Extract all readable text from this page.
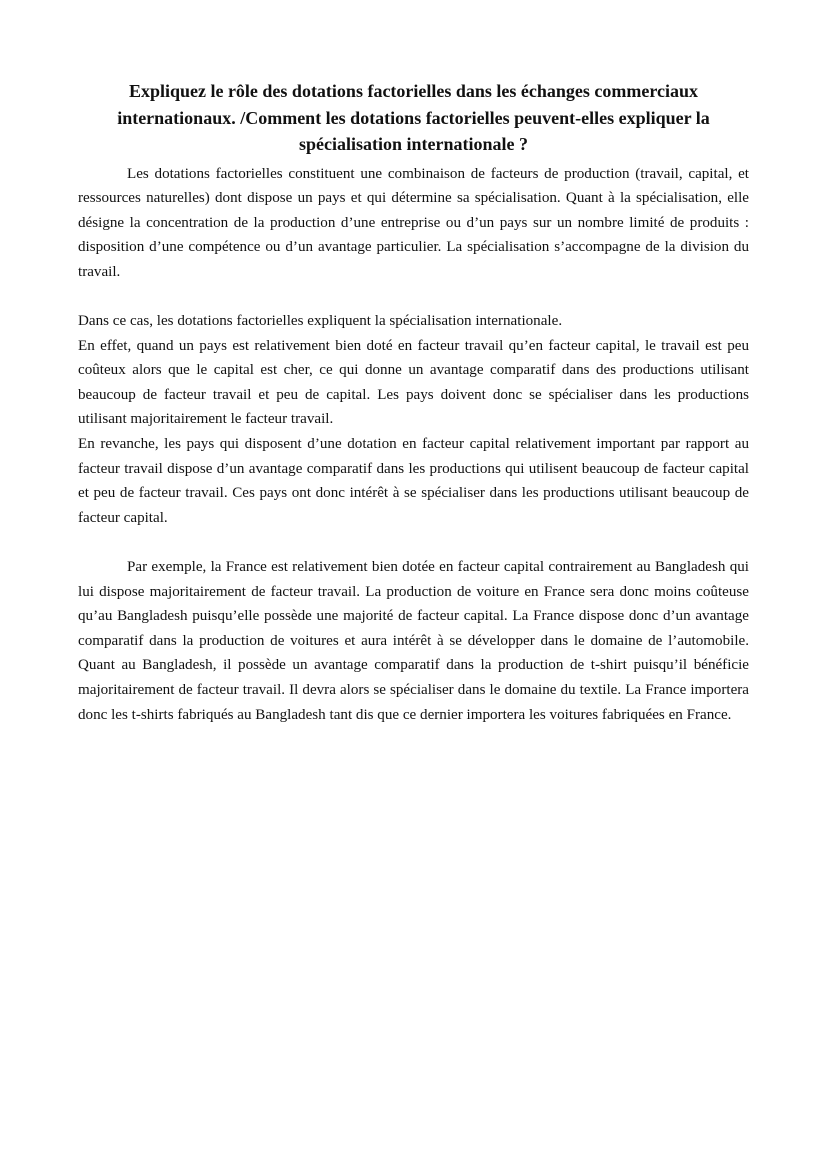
Expliquez le rôle des dotations factorielles dans les échanges commerciaux internationaux. /Comment les dotations factorielles peuvent-elles expliquer la spécialisation internationale ?

Les dotations factorielles constituent une combinaison de facteurs de production (travail, capital, et ressources naturelles) dont dispose un pays et qui détermine sa spécialisation. Quant à la spécialisation, elle désigne la concentration de la production d’une entreprise ou d’un pays sur un nombre limité de produits : disposition d’une compétence ou d’un avantage particulier. La spécialisation s’accompagne de la division du travail.

Dans ce cas, les dotations factorielles expliquent la spécialisation internationale.

En effet, quand un pays est relativement bien doté en facteur travail qu’en facteur capital, le travail est peu coûteux alors que le capital est cher, ce qui donne un avantage comparatif dans des productions utilisant beaucoup de facteur travail et peu de capital. Les pays doivent donc se spécialiser dans les productions utilisant majoritairement le facteur travail.

En revanche, les pays qui disposent d’une dotation en facteur capital relativement important par rapport au facteur travail dispose d’un avantage comparatif dans les productions qui utilisent beaucoup de facteur capital et peu de facteur travail. Ces pays ont donc intérêt à se spécialiser dans les productions utilisant beaucoup de facteur capital.

Par exemple, la France est relativement bien dotée en facteur capital contrairement au Bangladesh qui lui dispose majoritairement de facteur travail. La production de voiture en France sera donc moins coûteuse qu’au Bangladesh puisqu’elle possède une majorité de facteur capital. La France dispose donc d’un avantage comparatif dans la production de voitures et aura intérêt à se développer dans le domaine de l’automobile. Quant au Bangladesh, il possède un avantage comparatif dans la production de t-shirt puisqu’il bénéficie majoritairement de facteur travail. Il devra alors se spécialiser dans le domaine du textile. La France importera donc les t-shirts fabriqués au Bangladesh tant dis que ce dernier importera les voitures fabriquées en France.
